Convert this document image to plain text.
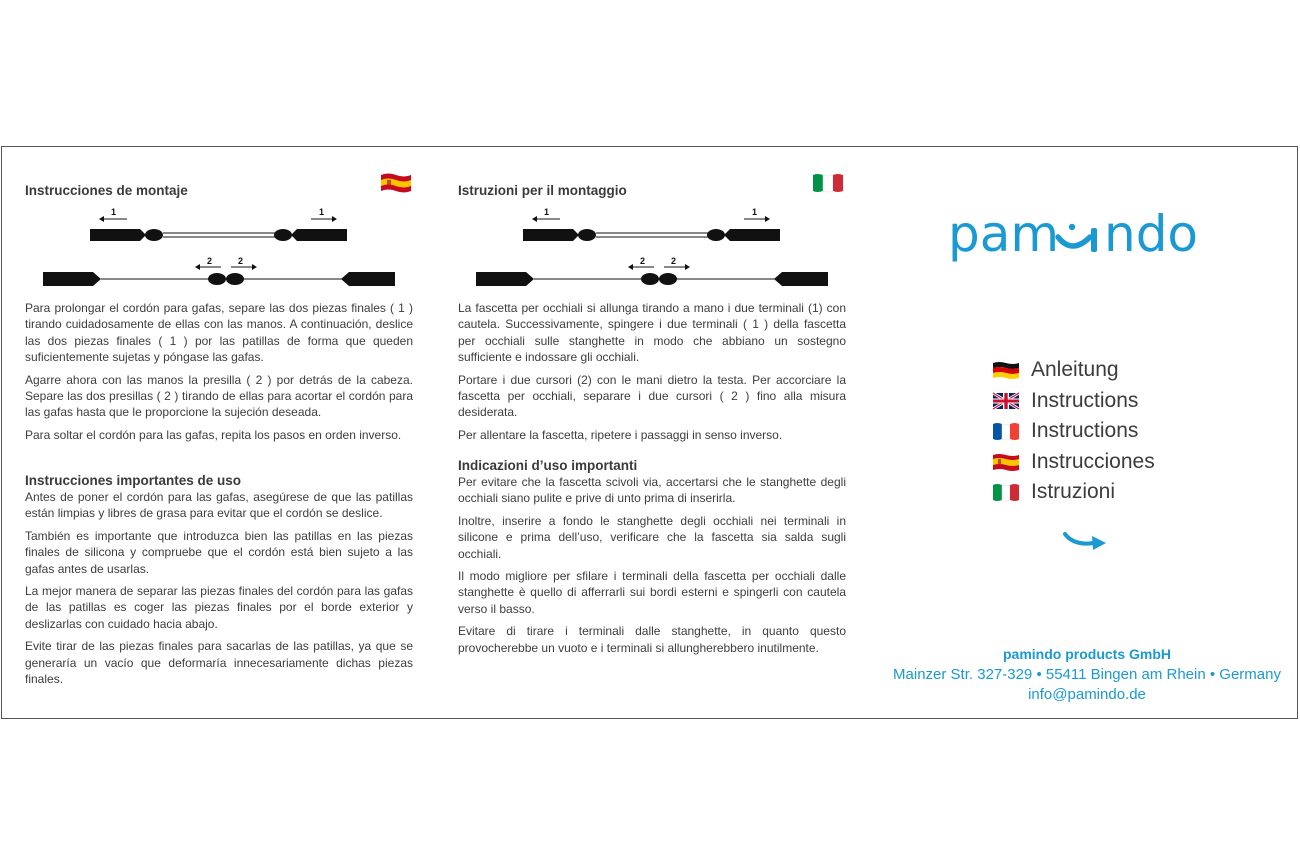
Instrucciones de montaje
1	1
2	2

Para prolongar el cordón para gafas, separe las dos piezas finales ( 1 ) tirando cuidadosamente de ellas con las manos. A continuación, deslice las dos piezas finales ( 1 ) por las patillas de forma que queden suficientemente sujetas y póngase las gafas.

Agarre ahora con las manos la presilla ( 2 ) por detrás de la cabeza. Separe las dos presillas ( 2 ) tirando de ellas para acortar el cordón para las gafas hasta que le proporcione la sujeción deseada.

Para soltar el cordón para las gafas, repita los pasos en orden inverso.

Instrucciones importantes de uso

Antes de poner el cordón para las gafas, asegúrese de que las patillas están limpias y libres de grasa para evitar que el cordón se deslice.

También es importante que introduzca bien las patillas en las piezas finales de silicona y compruebe que el cordón está bien sujeto a las gafas antes de usarlas.

La mejor manera de separar las piezas finales del cordón para las gafas de las patillas es coger las piezas finales por el borde exterior y deslizarlas con cuidado hacia abajo.

Evite tirar de las piezas finales para sacarlas de las patillas, ya que se generaría un vacío que deformaría innecesariamente dichas piezas finales.

Istruzioni per il montaggio
1	1
2	2

La fascetta per occhiali si allunga tirando a mano i due terminali (1) con cautela. Successivamente, spingere i due terminali ( 1 ) della fascetta per occhiali sulle stanghette in modo che abbiano un sostegno sufficiente e indossare gli occhiali.

Portare i due cursori (2) con le mani dietro la testa. Per accorciare la fascetta per occhiali, separare i due cursori ( 2 ) fino alla misura desiderata.

Per allentare la fascetta, ripetere i passaggi in senso inverso.

Indicazioni d’uso importanti

Per evitare che la fascetta scivoli via, accertarsi che le stanghette degli occhiali siano pulite e prive di unto prima di inserirla.

Inoltre, inserire a fondo le stanghette degli occhiali nei terminali in silicone e prima dell’uso, verificare che la fascetta sia salda sugli occhiali.

Il modo migliore per sfilare i terminali della fascetta per occhiali dalle stanghette è quello di afferrarli sui bordi esterni e spingerli con cautela verso il basso.

Evitare di tirare i terminali dalle stanghette, in quanto questo provocherebbe un vuoto e i terminali si allungherebbero inutilmente.

pam ndo
Anleitung
Instructions
Instructions
Instrucciones
Istruzioni
pamindo products GmbH
Mainzer Str. 327-329 • 55411 Bingen am Rhein • Germany
info@pamindo.de
